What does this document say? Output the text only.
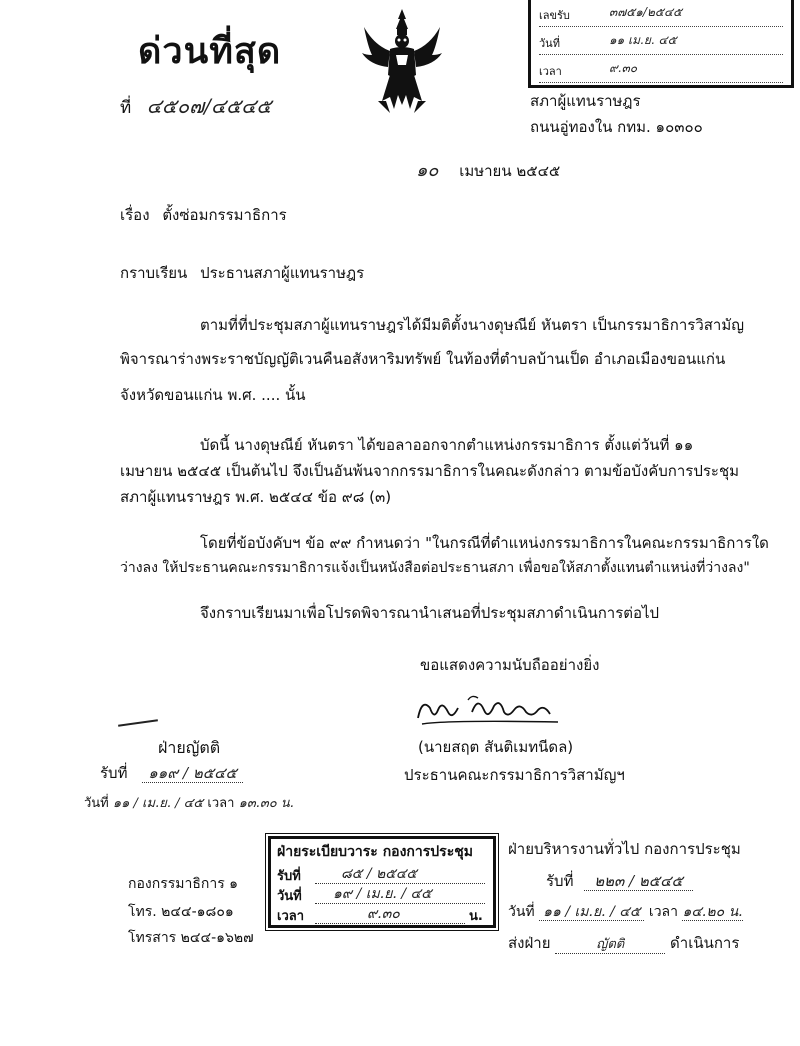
ด่วนที่สุด
ที่ ๔๕๐๗/๔๕๔๕
เลขรับ	๓๗๕๑/๒๕๔๕
วันที่	๑๑ เม.ย. ๔๕
เวลา	๙.๓๐
สภาผู้แทนราษฎร
ถนนอู่ทองใน กทม. ๑๐๓๐๐
๑๐ เมษายน ๒๕๔๕
เรื่อง ตั้งซ่อมกรรมาธิการ
กราบเรียน ประธานสภาผู้แทนราษฎร
ตามที่ที่ประชุมสภาผู้แทนราษฎรได้มีมติตั้งนางดุษณีย์ หันตรา เป็นกรรมาธิการวิสามัญ
พิจารณาร่างพระราชบัญญัติเวนคืนอสังหาริมทรัพย์ ในท้องที่ตำบลบ้านเป็ด อำเภอเมืองขอนแก่น
จังหวัดขอนแก่น พ.ศ. .... นั้น
บัดนี้ นางดุษณีย์ หันตรา ได้ขอลาออกจากตำแหน่งกรรมาธิการ ตั้งแต่วันที่ ๑๑
เมษายน ๒๕๔๕ เป็นต้นไป จึงเป็นอันพ้นจากกรรมาธิการในคณะดังกล่าว ตามข้อบังคับการประชุม
สภาผู้แทนราษฎร พ.ศ. ๒๕๔๔ ข้อ ๙๘ (๓)
โดยที่ข้อบังคับฯ ข้อ ๙๙ กำหนดว่า "ในกรณีที่ตำแหน่งกรรมาธิการในคณะกรรมาธิการใด
ว่างลง ให้ประธานคณะกรรมาธิการแจ้งเป็นหนังสือต่อประธานสภา เพื่อขอให้สภาตั้งแทนตำแหน่งที่ว่างลง"
จึงกราบเรียนมาเพื่อโปรดพิจารณานำเสนอที่ประชุมสภาดำเนินการต่อไป
ขอแสดงความนับถืออย่างยิ่ง
(นายสฤต สันติเมทนีดล)
ประธานคณะกรรมาธิการวิสามัญฯ
ฝ่ายญัตติ
รับที่ ๑๑๙ / ๒๕๔๕
วันที่ ๑๑ / เม.ย. / ๔๕ เวลา ๑๓.๓๐ น.
กองกรรมาธิการ ๑
โทร. ๒๔๔-๑๘๐๑
โทรสาร ๒๔๔-๑๖๒๗
ฝ่ายระเบียบวาระ กองการประชุม
รับที่	๘๕ / ๒๕๔๕
วันที่ ๑๙ / เม.ย. / ๔๕
เวลา	๙.๓๐	น.
ฝ่ายบริหารงานทั่วไป กองการประชุม
รับที่ ๒๒๓ / ๒๕๔๕
วันที่ ๑๑ / เม.ย. / ๔๕ เวลา ๑๔.๒๐ น.
ส่งฝ่าย	ญัตติ	ดำเนินการ
